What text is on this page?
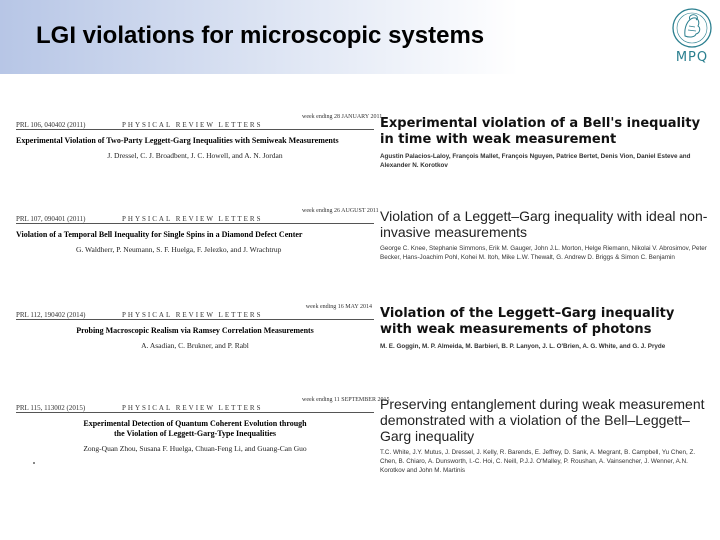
LGI violations for microscopic systems
MPQ
PRL 106, 040402 (2011)	PHYSICAL REVIEW LETTERS
week ending 28 JANUARY 2011
Experimental Violation of Two-Party Leggett-Garg Inequalities with Semiweak Measurements
J. Dressel, C. J. Broadbent, J. C. Howell, and A. N. Jordan
PRL 107, 090401 (2011)	PHYSICAL REVIEW LETTERS
week ending 26 AUGUST 2011
Violation of a Temporal Bell Inequality for Single Spins in a Diamond Defect Center
G. Waldherr, P. Neumann, S. F. Huelga, F. Jelezko, and J. Wrachtrup
PRL 112, 190402 (2014)	PHYSICAL REVIEW LETTERS
week ending 16 MAY 2014
Probing Macroscopic Realism via Ramsey Correlation Measurements
A. Asadian, C. Brukner, and P. Rabl
PRL 115, 113002 (2015)	PHYSICAL REVIEW LETTERS
week ending 11 SEPTEMBER 2015
Experimental Detection of Quantum Coherent Evolution through
the Violation of Leggett-Garg-Type Inequalities
Zong-Quan Zhou, Susana F. Huelga, Chuan-Feng Li, and Guang-Can Guo
Experimental violation of a Bell's inequality in time with weak measurement
Agustin Palacios-Laloy, François Mallet, François Nguyen, Patrice Bertet, Denis Vion, Daniel Esteve and Alexander N. Korotkov
Violation of a Leggett–Garg inequality with ideal non-invasive measurements
George C. Knee, Stephanie Simmons, Erik M. Gauger, John J.L. Morton, Helge Riemann, Nikolai V. Abrosimov, Peter Becker, Hans-Joachim Pohl, Kohei M. Itoh, Mike L.W. Thewalt, G. Andrew D. Briggs & Simon C. Benjamin
Violation of the Leggett–Garg inequality with weak measurements of photons
M. E. Goggin, M. P. Almeida, M. Barbieri, B. P. Lanyon, J. L. O'Brien, A. G. White, and G. J. Pryde
Preserving entanglement during weak measurement demonstrated with a violation of the Bell–Leggett–Garg inequality
T.C. White, J.Y. Mutus, J. Dressel, J. Kelly, R. Barends, E. Jeffrey, D. Sank, A. Megrant, B. Campbell, Yu Chen, Z. Chen, B. Chiaro, A. Dunsworth, I.-C. Hoi, C. Neill, P.J.J. O'Malley, P. Roushan, A. Vainsencher, J. Wenner, A.N. Korotkov and John M. Martinis
